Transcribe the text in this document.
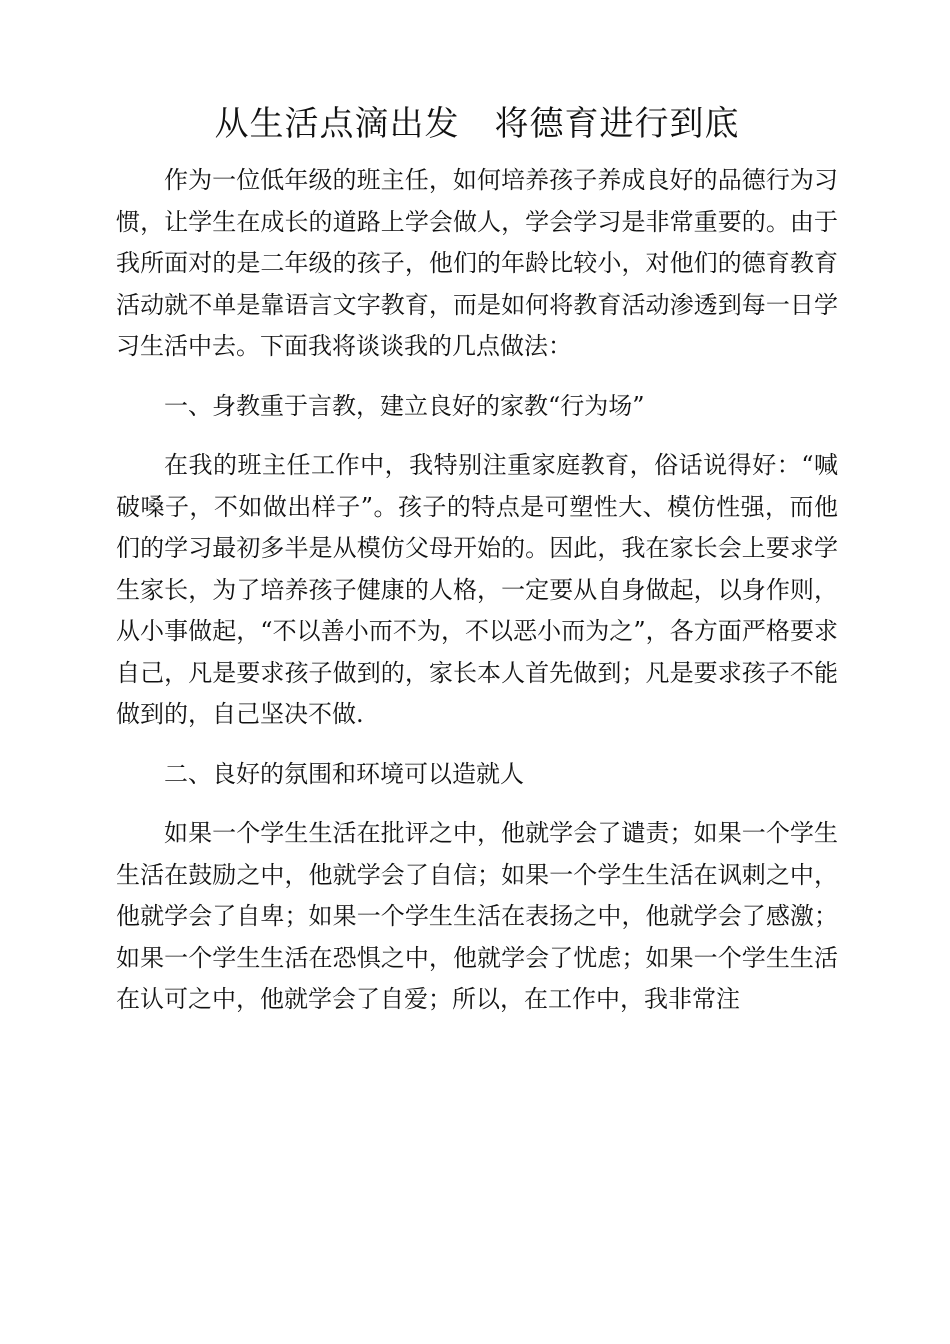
从生活点滴出发　将德育进行到底

作为一位低年级的班主任，如何培养孩子养成良好的品德行为习惯，让学生在成长的道路上学会做人，学会学习是非常重要的。由于我所面对的是二年级的孩子，他们的年龄比较小，对他们的德育教育活动就不单是靠语言文字教育，而是如何将教育活动渗透到每一日学习生活中去。下面我将谈谈我的几点做法：

一、身教重于言教，建立良好的家教“行为场”

在我的班主任工作中，我特别注重家庭教育，俗话说得好：“喊破嗓子，不如做出样子”。孩子的特点是可塑性大、模仿性强，而他们的学习最初多半是从模仿父母开始的。因此，我在家长会上要求学生家长，为了培养孩子健康的人格，一定要从自身做起，以身作则，从小事做起，“不以善小而不为，不以恶小而为之”，各方面严格要求自己，凡是要求孩子做到的，家长本人首先做到；凡是要求孩子不能做到的，自己坚决不做.

二、良好的氛围和环境可以造就人

如果一个学生生活在批评之中，他就学会了谴责；如果一个学生生活在鼓励之中，他就学会了自信；如果一个学生生活在讽刺之中，他就学会了自卑；如果一个学生生活在表扬之中，他就学会了感激；如果一个学生生活在恐惧之中，他就学会了忧虑；如果一个学生生活在认可之中，他就学会了自爱；所以，在工作中，我非常注
